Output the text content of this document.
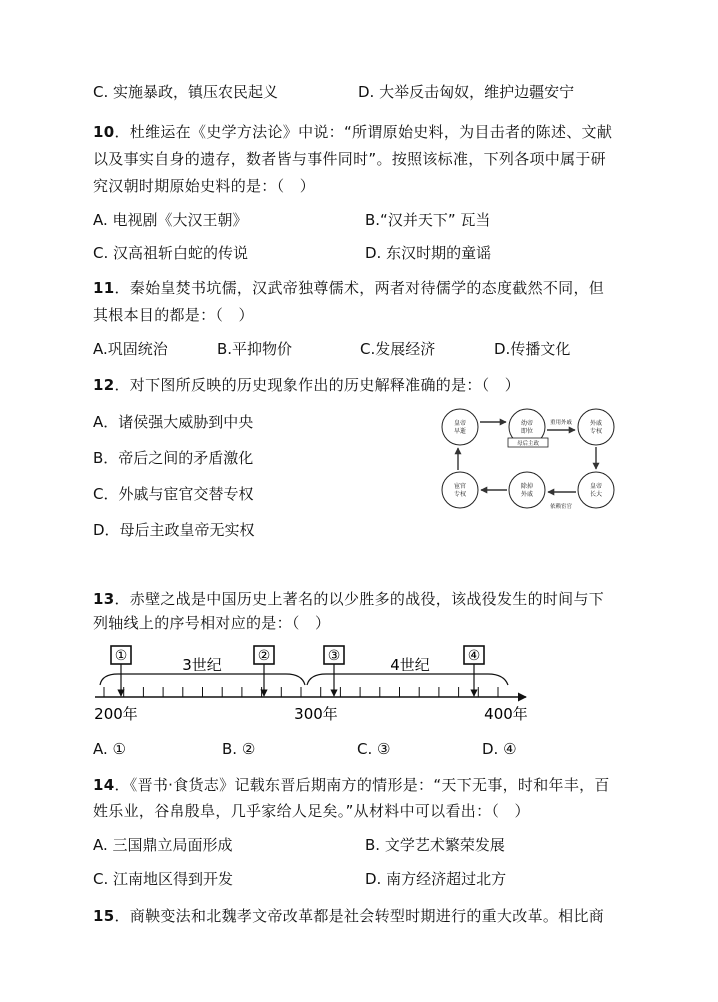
C. 实施暴政，镇压农民起义	D. 大举反击匈奴，维护边疆安宁
10．杜维运在《史学方法论》中说：“所谓原始史料，为目击者的陈述、文献
以及事实自身的遗存，数者皆与事件同时”。按照该标准，下列各项中属于研
究汉朝时期原始史料的是：（　）
A. 电视剧《大汉王朝》	B.“汉并天下” 瓦当
C. 汉高祖斩白蛇的传说	D. 东汉时期的童谣
11．秦始皇焚书坑儒，汉武帝独尊儒术，两者对待儒学的态度截然不同，但
其根本目的都是：（　）
A.巩固统治	B.平抑物价	C.发展经济	D.传播文化
12．对下图所反映的历史现象作出的历史解释准确的是：（　）
A．诸侯强大威胁到中央
B．帝后之间的矛盾激化
C．外戚与宦官交替专权
D．母后主政皇帝无实权
皇帝
早逝
幼帝
即位
外戚
专权
皇帝
长大
除掉
外戚
宦官
专权
重用外戚
母后主政
依赖宦官
13．赤壁之战是中国历史上著名的以少胜多的战役，该战役发生的时间与下
列轴线上的序号相对应的是：（　）
3世纪	4世纪
①	②	③	④
200年	300年	400年
A. ①	B. ②	C. ③	D. ④
14．《晋书·食货志》记载东晋后期南方的情形是：“天下无事，时和年丰，百
姓乐业，谷帛殷阜，几乎家给人足矣。”从材料中可以看出：（　）
A. 三国鼎立局面形成	B. 文学艺术繁荣发展
C. 江南地区得到开发	D. 南方经济超过北方
15．商鞅变法和北魏孝文帝改革都是社会转型时期进行的重大改革。相比商
